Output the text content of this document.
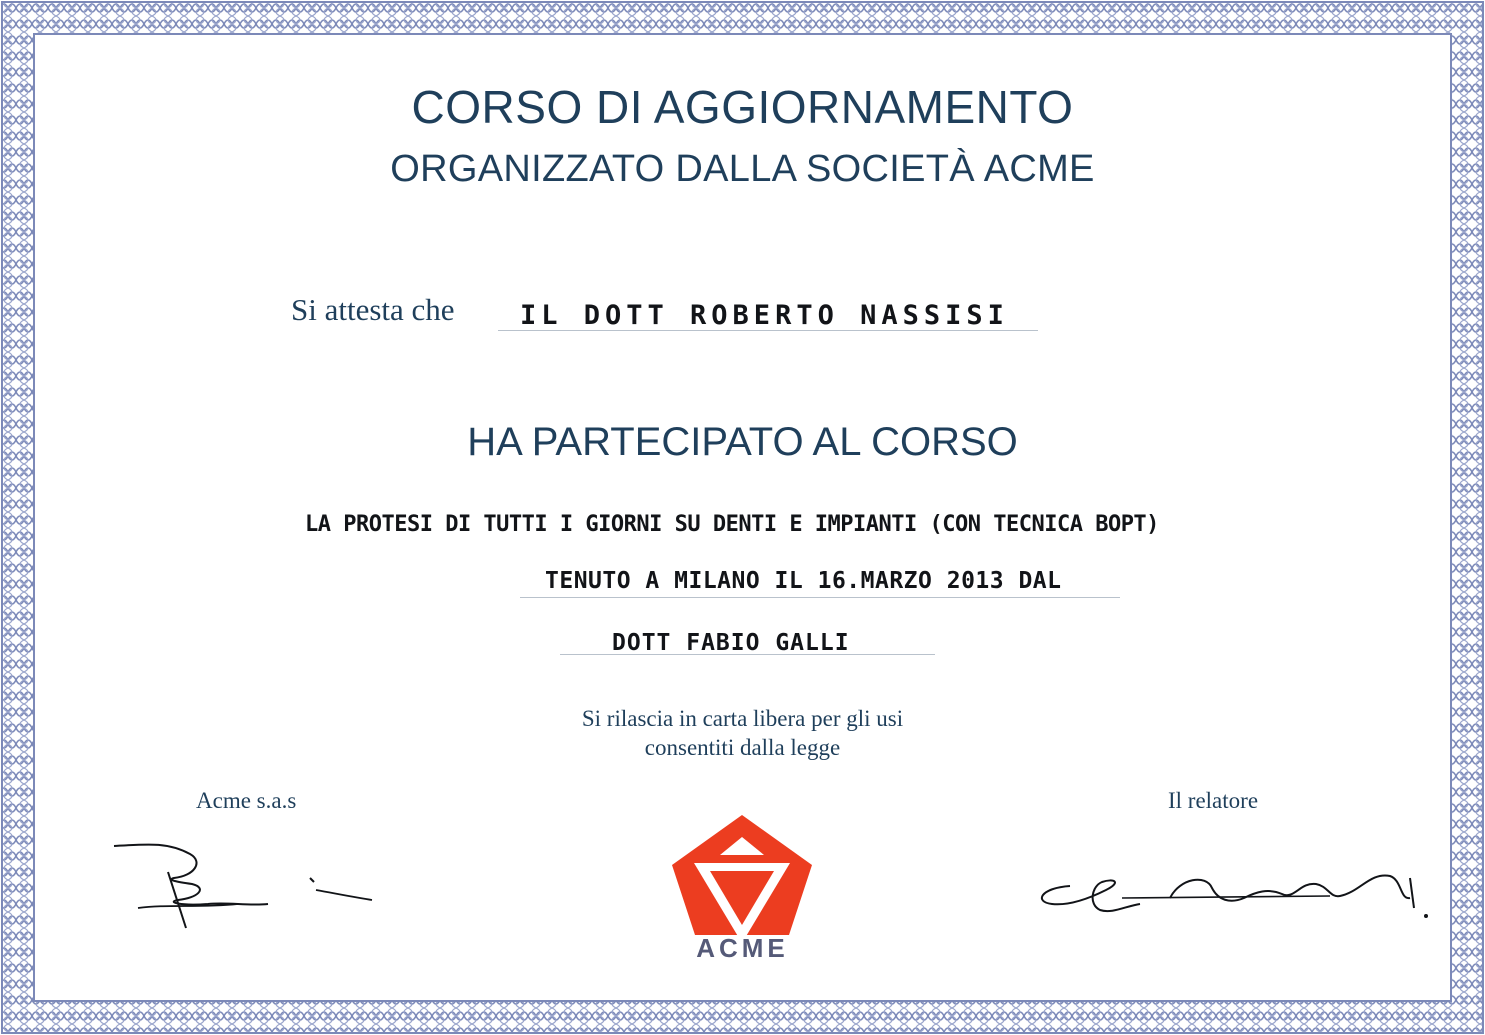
CORSO DI AGGIORNAMENTO
ORGANIZZATO DALLA SOCIETÀ ACME
Si attesta che IL DOTT ROBERTO NASSISI
HA PARTECIPATO AL CORSO
LA PROTESI DI TUTTI I GIORNI SU DENTI E IMPIANTI (CON TECNICA BOPT)
TENUTO A MILANO IL 16.MARZO 2013 DAL
DOTT FABIO GALLI
Si rilascia in carta libera per gli usi
consentiti dalla legge
Acme s.a.s	Il relatore
ACME
